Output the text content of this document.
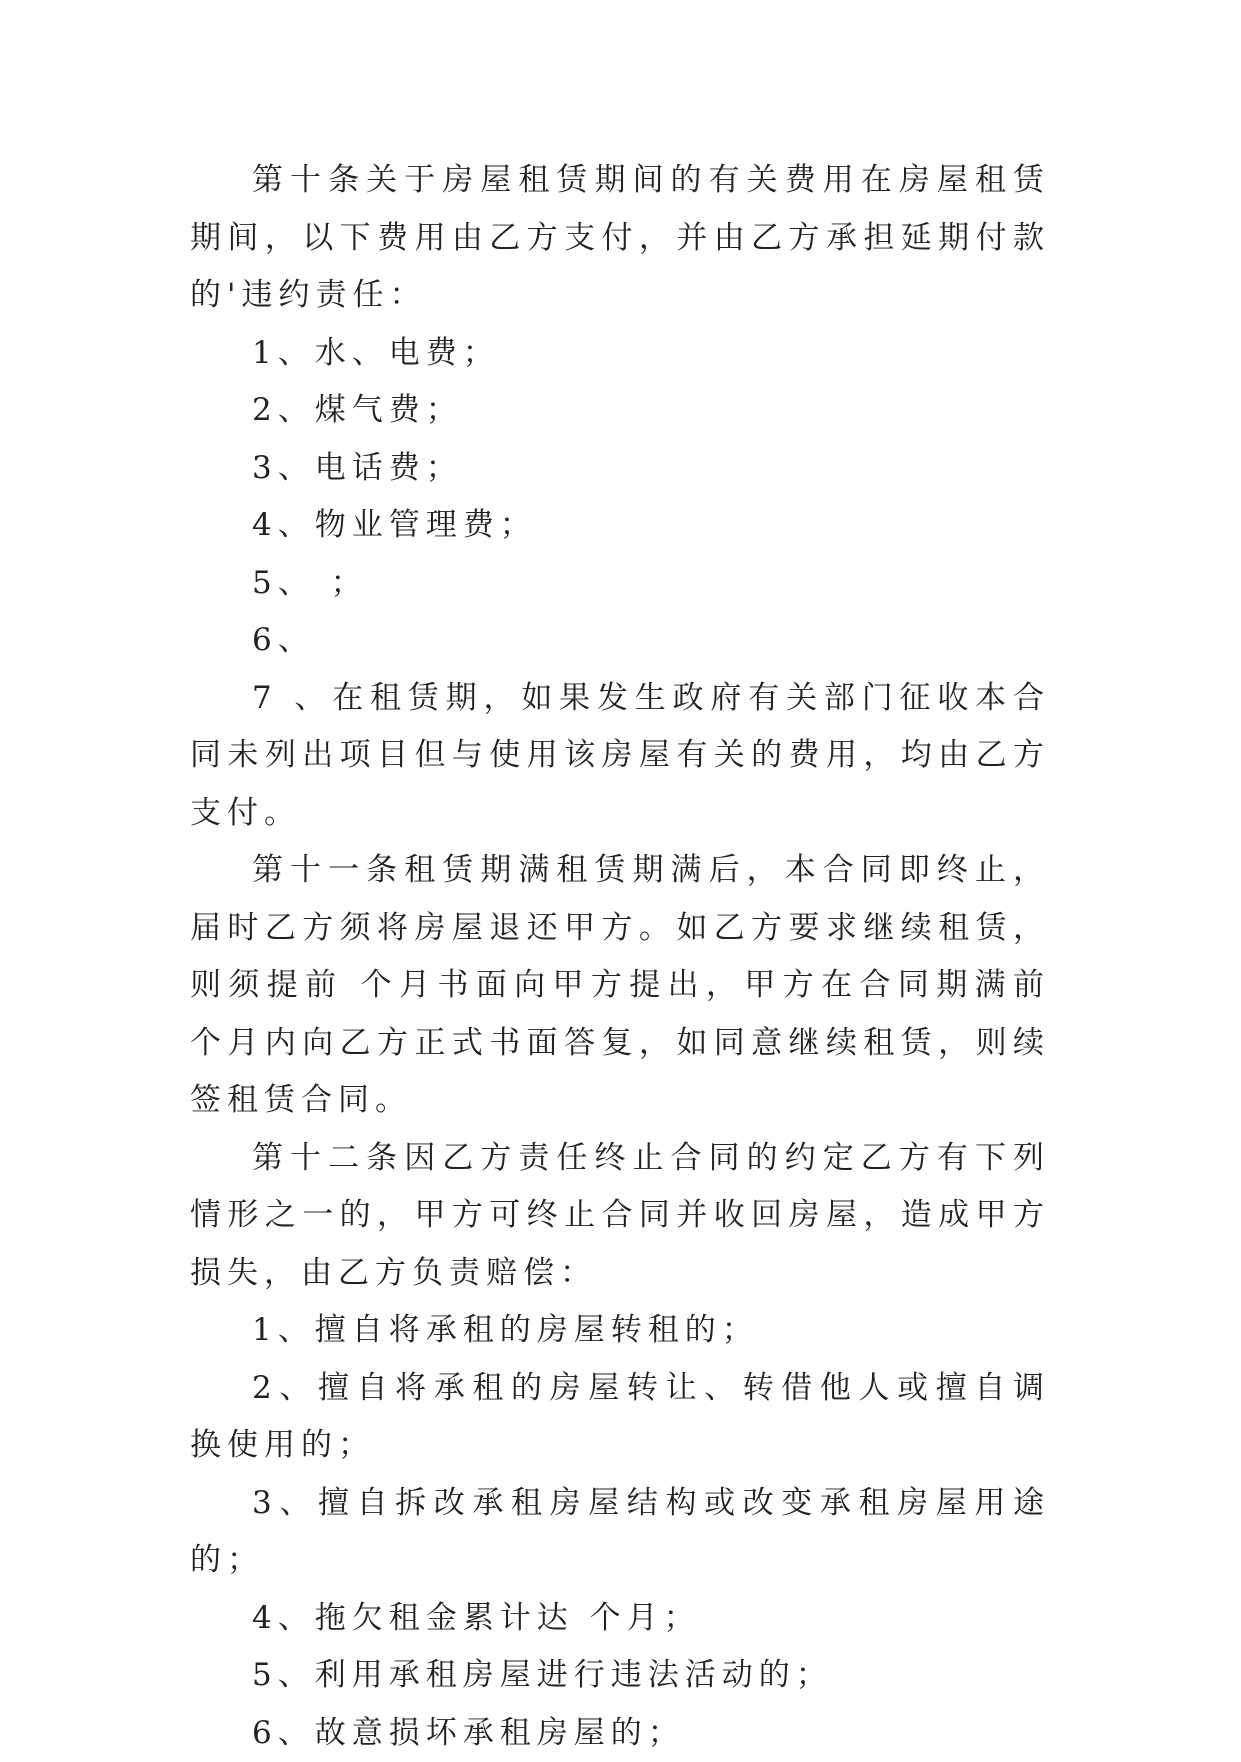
第十条关于房屋租赁期间的有关费用在房屋租赁期间，以下费用由乙方支付，并由乙方承担延期付款的'违约责任：

1、水、电费；

2、煤气费；

3、电话费；

4、物业管理费；

5、 ；

6、

7 、在租赁期，如果发生政府有关部门征收本合同未列出项目但与使用该房屋有关的费用，均由乙方支付。

第十一条租赁期满租赁期满后，本合同即终止，届时乙方须将房屋退还甲方。如乙方要求继续租赁，则须提前 个月书面向甲方提出，甲方在合同期满前 个月内向乙方正式书面答复，如同意继续租赁，则续签租赁合同。

第十二条因乙方责任终止合同的约定乙方有下列情形之一的，甲方可终止合同并收回房屋，造成甲方损失，由乙方负责赔偿：

1、擅自将承租的房屋转租的；

2、擅自将承租的房屋转让、转借他人或擅自调换使用的；

3、擅自拆改承租房屋结构或改变承租房屋用途的；

4、拖欠租金累计达 个月；

5、利用承租房屋进行违法活动的；

6、故意损坏承租房屋的；
